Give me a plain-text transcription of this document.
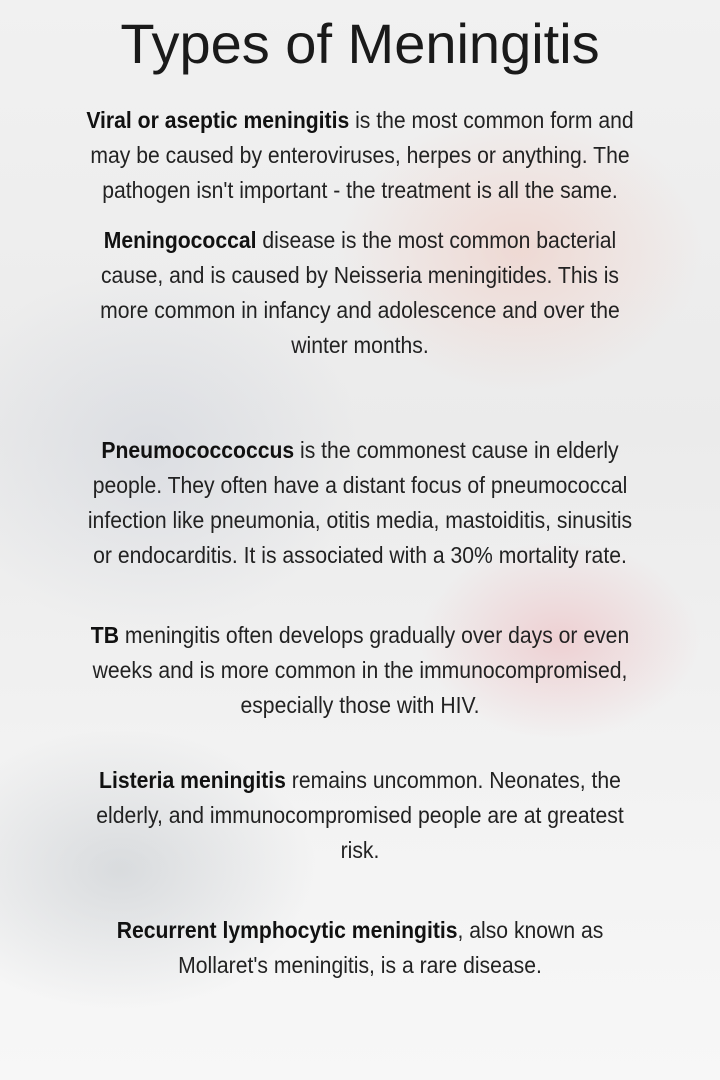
Types of Meningitis
Viral or aseptic meningitis is the most common form and
may be caused by enteroviruses, herpes or anything. The
pathogen isn't important - the treatment is all the same.
Meningococcal disease is the most common bacterial
cause, and is caused by Neisseria meningitides. This is
more common in infancy and adolescence and over the
winter months.
Pneumococcoccus is the commonest cause in elderly
people. They often have a distant focus of pneumococcal
infection like pneumonia, otitis media, mastoiditis, sinusitis
or endocarditis. It is associated with a 30% mortality rate.
TB meningitis often develops gradually over days or even
weeks and is more common in the immunocompromised,
especially those with HIV.
Listeria meningitis remains uncommon. Neonates, the
elderly, and immunocompromised people are at greatest
risk.
Recurrent lymphocytic meningitis, also known as
Mollaret's meningitis, is a rare disease.
